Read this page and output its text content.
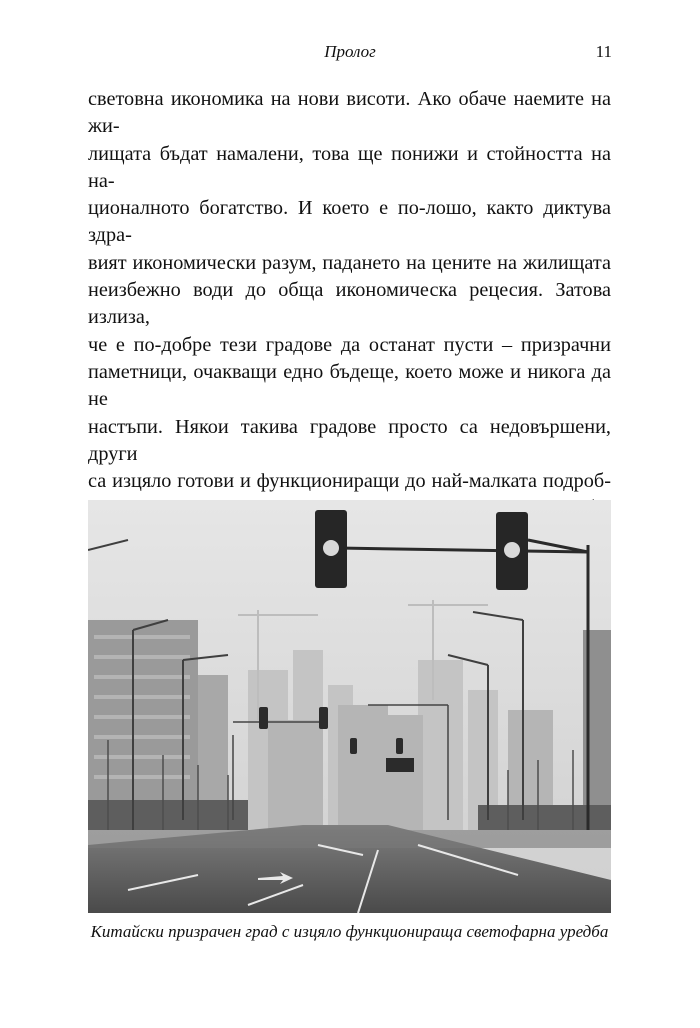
Пролог	11
световна икономика на нови висоти. Ако обаче наемите на жи-
лищата бъдат намалени, това ще понижи и стойността на на-
ционалното богатство. И което е по-лошо, както диктува здра-
вият икономически разум, падането на цените на жилищата
неизбежно води до обща икономическа рецесия. Затова излиза,
че е по-добре тези градове да останат пусти – призрачни
паметници, очакващи едно бъдеще, което може и никога да не
настъпи. Някои такива градове просто са недовършени, други
са изцяло готови и функциониращи до най-малката подроб-
Китайски призрачен град с изцяло функционираща светофарна уредба
